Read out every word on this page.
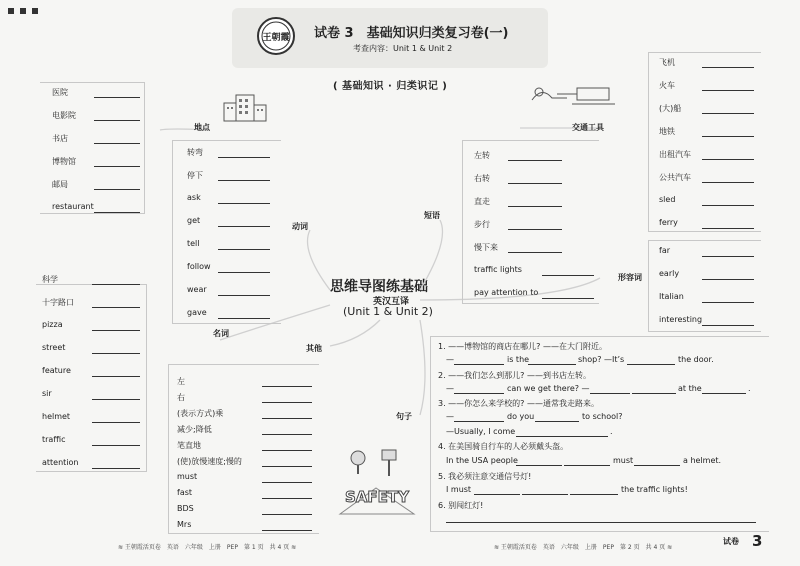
王朝霞 试卷 3　基础知识归类复习卷(一)
考查内容：Unit 1 & Unit 2
( 基础知识 · 归类识记 )
思维导图练基础
英汉互译
(Unit 1 & Unit 2)
地点
动词
短语
交通工具
形容词
名词
其他
句子
医院
电影院
书店
博物馆
邮局
restaurant
转弯
停下
ask
get
tell
follow
wear
gave
左转
右转
直走
步行
慢下来
traffic lights
pay attention to
飞机
火车
(大)船
地铁
出租汽车
公共汽车
sled
ferry
far
early
Italian
interesting
科学
十字路口
pizza
street
feature
sir
helmet
traffic
attention
左
右
(表示方式)乘
减少;降低
笔直地
(使)放慢速度;慢的
must
fast
BDS
Mrs
SAFETY
1. ——博物馆的商店在哪儿? ——在大门附近。
—	is the	shop? —It’s	the door.
2. ——我们怎么到那儿? ——到书店左转。
—	can we get there? —	at the	.
3. ——你怎么来学校的? ——通常我走路来。
—	do you	to school?
—Usually, I come	.
4. 在美国骑自行车的人必须戴头盔。
In the USA people	must	a helmet.
5. 我必须注意交通信号灯!
I must	the traffic lights!
6. 别闯红灯!
≋ 王朝霞活页卷　英语　六年级　上册　PEP　第 1 页　共 4 页 ≋	≋ 王朝霞活页卷　英语　六年级　上册　PEP　第 2 页　共 4 页 ≋
试卷 3
